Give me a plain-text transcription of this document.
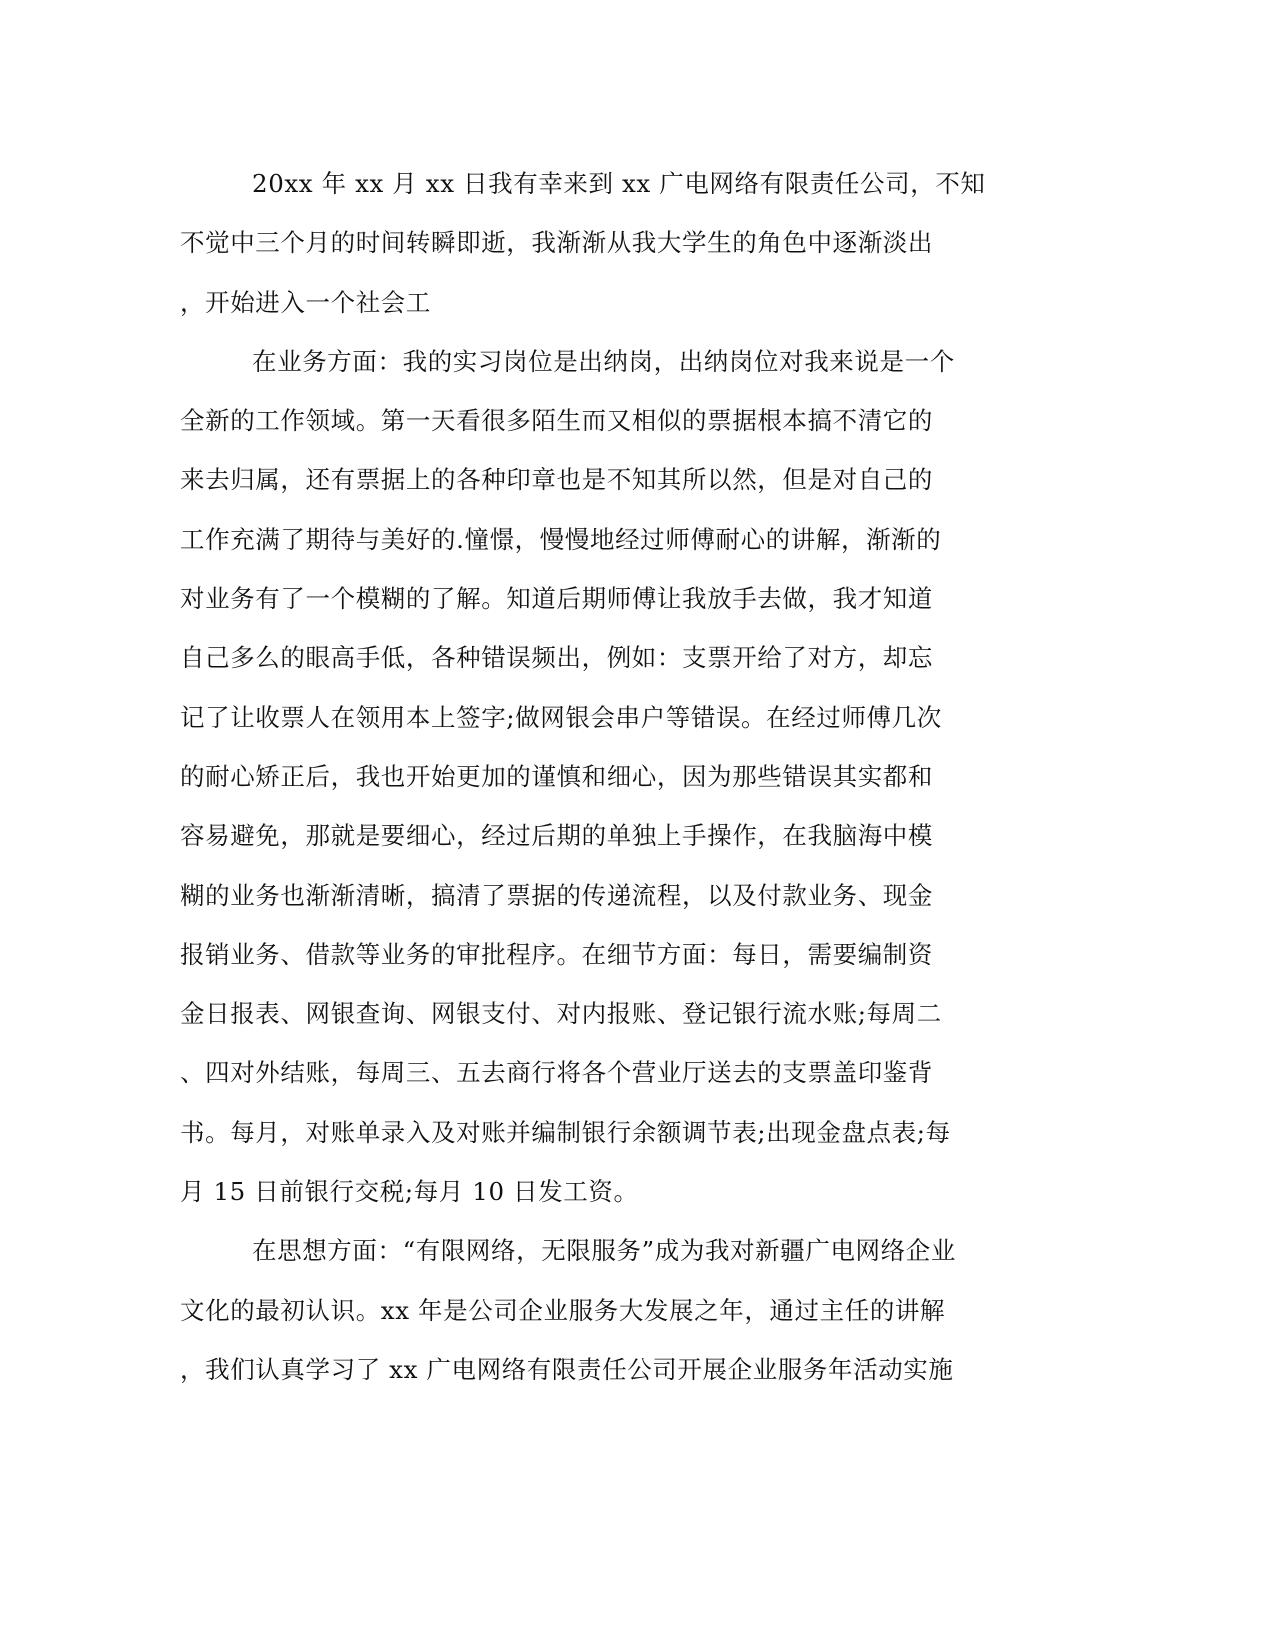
20xx 年 xx 月 xx 日我有幸来到 xx 广电网络有限责任公司，不知
不觉中三个月的时间转瞬即逝，我渐渐从我大学生的角色中逐渐淡出
，开始进入一个社会工

在业务方面：我的实习岗位是出纳岗，出纳岗位对我来说是一个
全新的工作领域。第一天看很多陌生而又相似的票据根本搞不清它的
来去归属，还有票据上的各种印章也是不知其所以然，但是对自己的
工作充满了期待与美好的.憧憬，慢慢地经过师傅耐心的讲解，渐渐的
对业务有了一个模糊的了解。知道后期师傅让我放手去做，我才知道
自己多么的眼高手低，各种错误频出，例如：支票开给了对方，却忘
记了让收票人在领用本上签字;做网银会串户等错误。在经过师傅几次
的耐心矫正后，我也开始更加的谨慎和细心，因为那些错误其实都和
容易避免，那就是要细心，经过后期的单独上手操作，在我脑海中模
糊的业务也渐渐清晰，搞清了票据的传递流程，以及付款业务、现金
报销业务、借款等业务的审批程序。在细节方面：每日，需要编制资
金日报表、网银查询、网银支付、对内报账、登记银行流水账;每周二
、四对外结账，每周三、五去商行将各个营业厅送去的支票盖印鉴背
书。每月，对账单录入及对账并编制银行余额调节表;出现金盘点表;每
月 15 日前银行交税;每月 10 日发工资。

在思想方面：“有限网络，无限服务”成为我对新疆广电网络企业
文化的最初认识。xx 年是公司企业服务大发展之年，通过主任的讲解
，我们认真学习了 xx 广电网络有限责任公司开展企业服务年活动实施
